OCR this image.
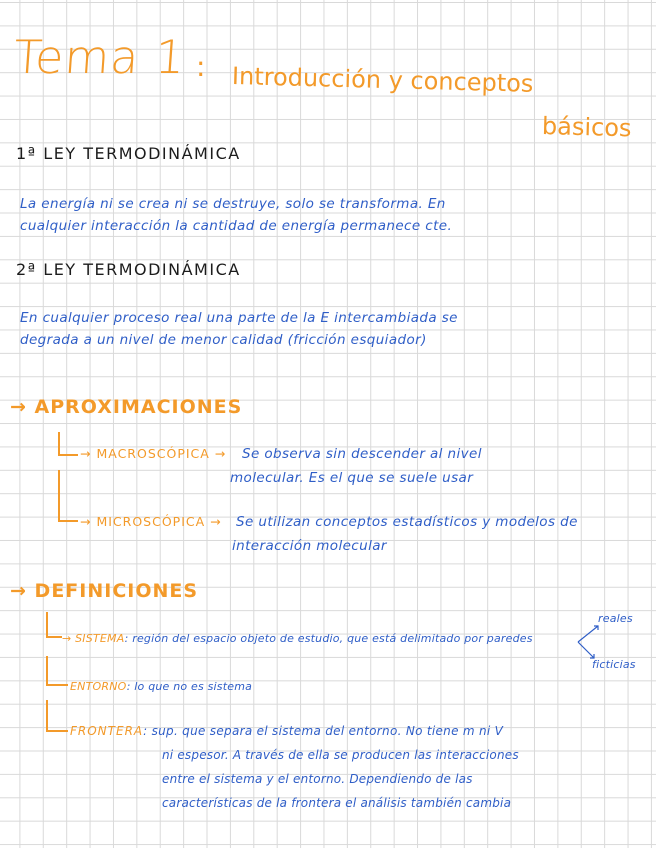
Tema 1 : Introducción y conceptos
básicos
1ª LEY TERMODINÁMICA
La energía ni se crea ni se destruye, solo se transforma. En
cualquier interacción la cantidad de energía permanece cte.
2ª LEY TERMODINÁMICA
En cualquier proceso real una parte de la E intercambiada se
degrada a un nivel de menor calidad (fricción esquiador)
→ APROXIMACIONES
→ MACROSCÓPICA → Se observa sin descender al nivel
molecular. Es el que se suele usar
→ MICROSCÓPICA → Se utilizan conceptos estadísticos y modelos de
interacción molecular
→ DEFINICIONES
→ SISTEMA: región del espacio objeto de estudio, que está delimitado por paredes
reales
ficticias
ENTORNO: lo que no es sistema
FRONTERA: sup. que separa el sistema del entorno. No tiene m ni V
ni espesor. A través de ella se producen las interacciones
entre el sistema y el entorno. Dependiendo de las
características de la frontera el análisis también cambia
